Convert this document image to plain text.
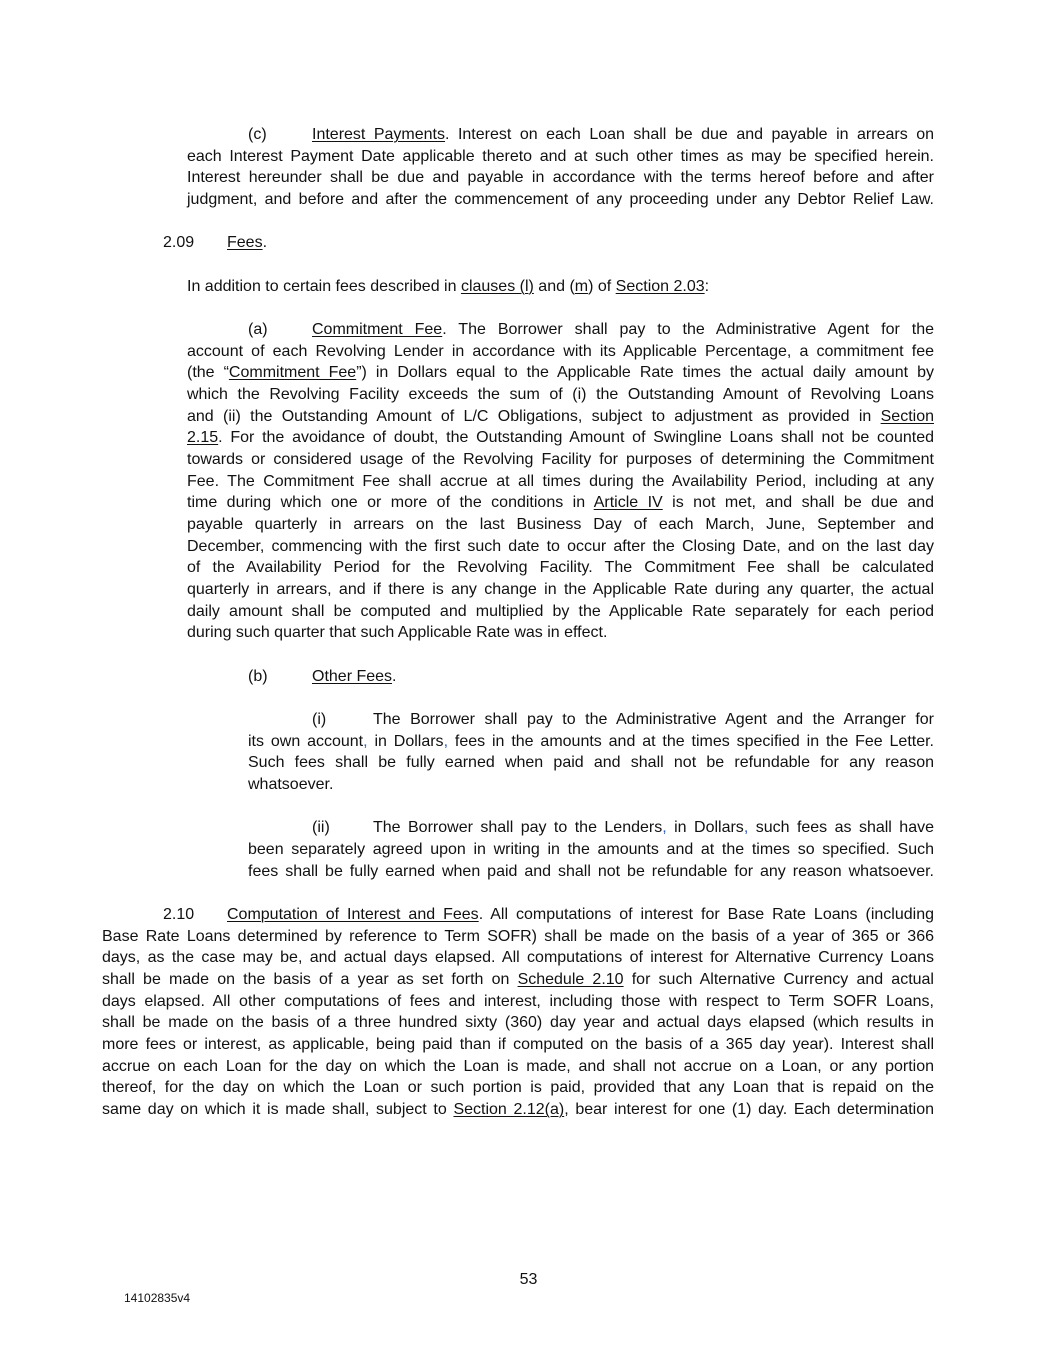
(c)	Interest Payments. Interest on each Loan shall be due and payable in arrears on
each Interest Payment Date applicable thereto and at such other times as may be specified herein.
Interest hereunder shall be due and payable in accordance with the terms hereof before and after
judgment, and before and after the commencement of any proceeding under any Debtor Relief Law.
2.09 Fees.
In addition to certain fees described in clauses (l) and (m) of Section 2.03:
(a)	Commitment Fee. The Borrower shall pay to the Administrative Agent for the
account of each Revolving Lender in accordance with its Applicable Percentage, a commitment fee
(the “Commitment Fee”) in Dollars equal to the Applicable Rate times the actual daily amount by
which the Revolving Facility exceeds the sum of (i) the Outstanding Amount of Revolving Loans
and (ii) the Outstanding Amount of L/C Obligations, subject to adjustment as provided in Section
2.15. For the avoidance of doubt, the Outstanding Amount of Swingline Loans shall not be counted
towards or considered usage of the Revolving Facility for purposes of determining the Commitment
Fee. The Commitment Fee shall accrue at all times during the Availability Period, including at any
time during which one or more of the conditions in Article IV is not met, and shall be due and
payable quarterly in arrears on the last Business Day of each March, June, September and
December, commencing with the first such date to occur after the Closing Date, and on the last day
of the Availability Period for the Revolving Facility. The Commitment Fee shall be calculated
quarterly in arrears, and if there is any change in the Applicable Rate during any quarter, the actual
daily amount shall be computed and multiplied by the Applicable Rate separately for each period
during such quarter that such Applicable Rate was in effect.
(b)	Other Fees.
(i)	The Borrower shall pay to the Administrative Agent and the Arranger for
its own account, in Dollars, fees in the amounts and at the times specified in the Fee Letter.
Such fees shall be fully earned when paid and shall not be refundable for any reason
whatsoever.
(ii)	The Borrower shall pay to the Lenders, in Dollars, such fees as shall have
been separately agreed upon in writing in the amounts and at the times so specified. Such
fees shall be fully earned when paid and shall not be refundable for any reason whatsoever.
2.10 Computation of Interest and Fees. All computations of interest for Base Rate Loans (including
Base Rate Loans determined by reference to Term SOFR) shall be made on the basis of a year of 365 or 366
days, as the case may be, and actual days elapsed. All computations of interest for Alternative Currency Loans
shall be made on the basis of a year as set forth on Schedule 2.10 for such Alternative Currency and actual
days elapsed. All other computations of fees and interest, including those with respect to Term SOFR Loans,
shall be made on the basis of a three hundred sixty (360) day year and actual days elapsed (which results in
more fees or interest, as applicable, being paid than if computed on the basis of a 365 day year). Interest shall
accrue on each Loan for the day on which the Loan is made, and shall not accrue on a Loan, or any portion
thereof, for the day on which the Loan or such portion is paid, provided that any Loan that is repaid on the
same day on which it is made shall, subject to Section 2.12(a), bear interest for one (1) day. Each determination
53
14102835v4
